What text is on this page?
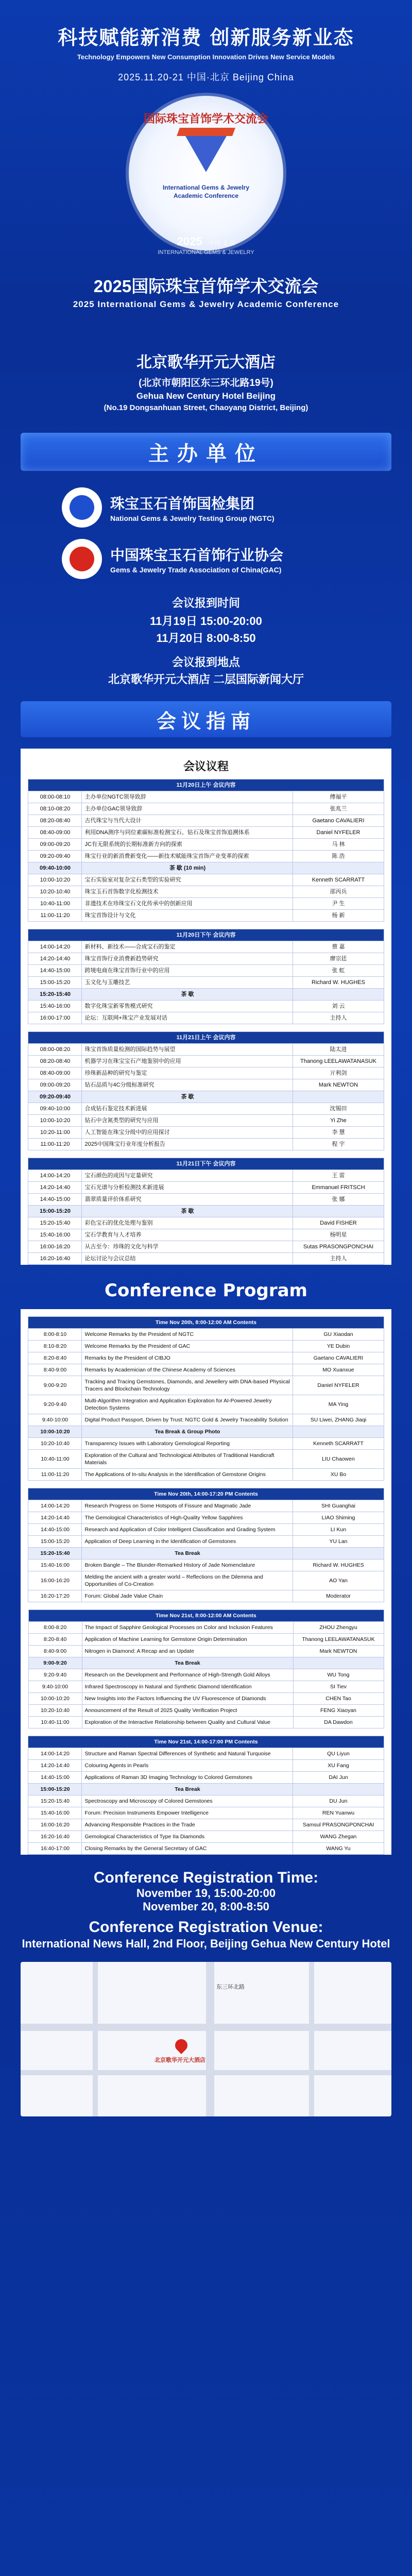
科技赋能新消费 创新服务新业态
Technology Empowers New Consumption Innovation Drives New Service Models
2025.11.20-21 中国·北京 Beijing China
国际珠宝首饰学术交流会
International Gems & Jewelry
Academic Conference
2025 中国·北京
INTERNATIONAL GEMS & JEWELRY
2025国际珠宝首饰学术交流会
2025 International Gems & Jewelry Academic Conference
北京歌华开元大酒店
(北京市朝阳区东三环北路19号)
Gehua New Century Hotel Beijing
(No.19 Dongsanhuan Street, Chaoyang District, Beijing)
主办单位
珠宝玉石首饰国检集团
National Gems & Jewelry Testing Group (NGTC)
中国珠宝玉石首饰行业协会
Gems & Jewelry Trade Association of China(GAC)
会议报到时间
11月19日 15:00-20:00
11月20日 8:00-8:50
会议报到地点
北京歌华开元大酒店 二层国际新闻大厅
会议指南
会议议程
11月20日上午 会议内容		
08:00-08:10	主办单位NGTC领导致辞	傅福平
08:10-08:20	主办单位GAC领导致辞	张兆兰
08:20-08:40	古代珠宝与当代大设计	Gaetano CAVALIERI
08:40-09:00	利用DNA测序与同位素碳标准检测宝石、钻石及珠宝首饰追溯体系	Daniel NYFELER
09:00-09:20	JC有无限系统的长期标准新方向的探索	马 林
09:20-09:40	珠宝行业的新消费新变化——新技术赋能珠宝首饰产业变革的探索	陈 浩
09:40-10:00	茶 歇 (10 min)	
10:00-10:20	宝石实验室对复杂宝石类型的实验研究	Kenneth SCARRATT
10:20-10:40	珠宝玉石首饰数字化检测技术	邵丙兵
10:40-11:00	非遗技术在珍珠宝石文化传承中的创新应用	尹 生
11:00-11:20	珠宝首饰设计与文化	杨 新
11月20日下午 会议内容		
14:00-14:20	新材料、新技术——合成宝石的鉴定	蔡 嘉
14:20-14:40	珠宝首饰行业消费新趋势研究	廖宗廷
14:40-15:00	跨境电商在珠宝首饰行业中的应用	张 虹
15:00-15:20	玉文化与玉雕技艺	Richard W. HUGHES
15:20-15:40	茶 歇	
15:40-16:00	数字化珠宝新零售模式研究	刘 云
16:00-17:00	论坛：互联网+珠宝产业发展对话	主持人
11月21日上午 会议内容		
08:00-08:20	珠宝首饰质量检测的国际趋势与展望	陆太进
08:20-08:40	机器学习在珠宝宝石产地鉴别中的应用	Thanong LEELAWATANASUK
08:40-09:00	珍珠新品种的研究与鉴定	亓利剑
09:00-09:20	钻石品质与4C分级标准研究	Mark NEWTON
09:20-09:40	茶 歇	
09:40-10:00	合成钻石鉴定技术新进展	沈锡田
10:00-10:20	钻石中含氮类型的研究与应用	Yi Zhe
10:20-11:00	人工智能在珠宝分级中的应用探讨	李 慧
11:00-11:20	2025中国珠宝行业年度分析报告	程 宇
11月21日下午 会议内容		
14:00-14:20	宝石颜色的成因与定量研究	王 雷
14:20-14:40	宝石光谱与分析检测技术新进展	Emmanuel FRITSCH
14:40-15:00	翡翠质量评价体系研究	张 娜
15:00-15:20	茶 歇	
15:20-15:40	彩色宝石的优化处理与鉴别	David FISHER
15:40-16:00	宝石学教育与人才培养	杨明星
16:00-16:20	从古至今：珍珠的文化与科学	Sutas PRASONGPONCHAI
16:20-16:40	论坛讨论与会议总结	主持人
Conference Program
Time Nov 20th, 8:00-12:00 AM Contents		
8:00-8:10	Welcome Remarks by the President of NGTC	GU Xiaodan
8:10-8:20	Welcome Remarks by the President of GAC	YE Dubin
8:20-8:40	Remarks by the President of CIBJO	Gaetano CAVALIERI
8:40-9:00	Remarks by Academician of the Chinese Academy of Sciences	MO Xuanxue
9:00-9:20	Tracking and Tracing Gemstones, Diamonds, and Jewellery with DNA-based Physical Tracers and Blockchain Technology	Daniel NYFELER
9:20-9:40	Multi-Algorithm Integration and Application Exploration for AI-Powered Jewelry Detection Systems	MA Ying
9:40-10:00	Digital Product Passport, Driven by Trust: NGTC Gold & Jewelry Traceability Solution	SU Liwei, ZHANG Jiaqi
10:00-10:20	Tea Break & Group Photo	
10:20-10:40	Transparency Issues with Laboratory Gemological Reporting	Kenneth SCARRATT
10:40-11:00	Exploration of the Cultural and Technological Attributes of Traditional Handicraft Materials	LIU Chaowen
11:00-11:20	The Applications of In-situ Analysis in the Identification of Gemstone Origins	XU Bo
Time Nov 20th, 14:00-17:20 PM Contents		
14:00-14:20	Research Progress on Some Hotspots of Fissure and Magmatic Jade	SHI Guanghai
14:20-14:40	The Gemological Characteristics of High-Quality Yellow Sapphires	LIAO Shiming
14:40-15:00	Research and Application of Color Intelligent Classification and Grading System	LI Kun
15:00-15:20	Application of Deep Learning in the Identification of Gemstones	YU Lan
15:20-15:40	Tea Break	
15:40-16:00	Broken Bangle – The Blunder-Remarked History of Jade Nomenclature	Richard W. HUGHES
16:00-16:20	Melding the ancient with a greater world – Reflections on the Dilemma and Opportunities of Co-Creation	AO Yan
16:20-17:20	Forum: Global Jade Value Chain	Moderator
Time Nov 21st, 8:00-12:00 AM Contents		
8:00-8:20	The Impact of Sapphire Geological Processes on Color and Inclusion Features	ZHOU Zhengyu
8:20-8:40	Application of Machine Learning for Gemstone Origin Determination	Thanong LEELAWATANASUK
8:40-9:00	Nitrogen in Diamond: A Recap and an Update	Mark NEWTON
9:00-9:20	Tea Break	
9:20-9:40	Research on the Development and Performance of High-Strength Gold Alloys	WU Tong
9:40-10:00	Infrared Spectroscopy in Natural and Synthetic Diamond Identification	SI Tiev
10:00-10:20	New Insights into the Factors Influencing the UV Fluorescence of Diamonds	CHEN Tao
10:20-10:40	Announcement of the Result of 2025 Quality Verification Project	FENG Xiaoyan
10:40-11:00	Exploration of the Interactive Relationship between Quality and Cultural Value	DA Dawdon
Time Nov 21st, 14:00-17:00 PM Contents		
14:00-14:20	Structure and Raman Spectral Differences of Synthetic and Natural Turquoise	QU Liyun
14:20-14:40	Colouring Agents in Pearls	XU Fang
14:40-15:00	Applications of Raman 3D Imaging Technology to Colored Gemstones	DAI Jun
15:00-15:20	Tea Break	
15:20-15:40	Spectroscopy and Microscopy of Colored Gemstones	DU Jun
15:40-16:00	Forum: Precision Instruments Empower Intelligence	REN Yuanwu
16:00-16:20	Advancing Responsible Practices in the Trade	Samsul PRASONGPONCHAI
16:20-16:40	Gemological Characteristics of Type IIa Diamonds	WANG Zhegan
16:40-17:00	Closing Remarks by the General Secretary of GAC	WANG Yu
Conference Registration Time:
November 19, 15:00-20:00
November 20, 8:00-8:50
Conference Registration Venue:
International News Hall, 2nd Floor, Beijing Gehua New Century Hotel
东三环北路
北京歌华开元大酒店
